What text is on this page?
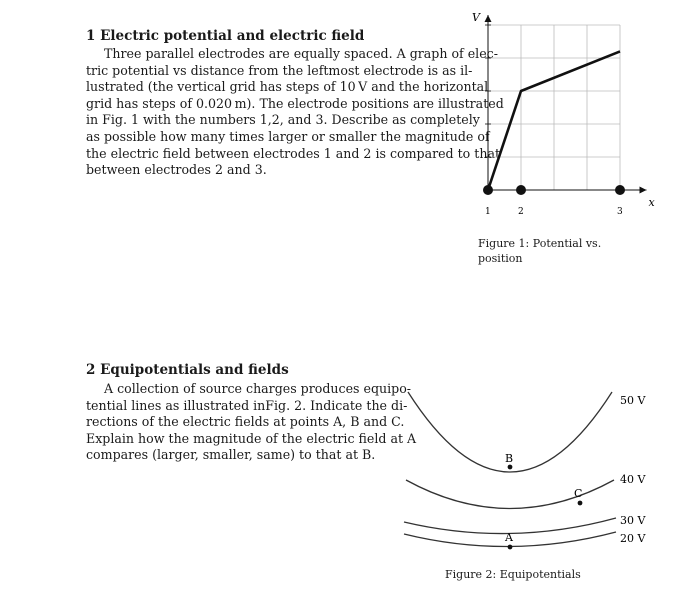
1 Electric potential and electric field
Three parallel electrodes are equally spaced. A graph of elec-
tric potential vs distance from the leftmost electrode is as il-
lustrated (the vertical grid has steps of 10 V and the horizontal
grid has steps of 0.020 m). The electrode positions are illustrated
in Fig. 1 with the numbers 1,2, and 3. Describe as completely
as possible how many times larger or smaller the magnitude of
the electric field between electrodes 1 and 2 is compared to that
between electrodes 2 and 3.
V
x
1	2	3
Figure 1: Potential vs.
position
2 Equipotentials and fields
A collection of source charges produces equipo-
tential lines as illustrated inFig. 2. Indicate the di-
rections of the electric fields at points A, B and C.
Explain how the magnitude of the electric field at A
compares (larger, smaller, same) to that at B.	B
C
A
50 V
40 V
30 V
20 V
Figure 2: Equipotentials
